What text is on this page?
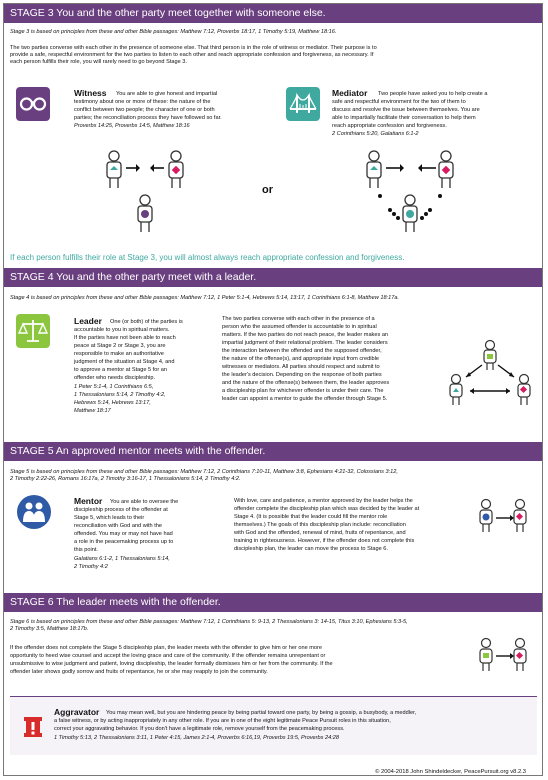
STAGE 3 You and the other party meet together with someone else.
Stage 3 is based on principles from these and other Bible passages: Matthew 7:12, Proverbs 18:17, 1 Timothy 5:19, Matthew 18:16.
The two parties converse with each other in the presence of someone else. That third person is in the role of witness or mediator. Their purpose is to
provide a safe, respectful environment for the two parties to listen to each other and reach appropriate confession and forgiveness, as necessary. If
each person fulfills their role, you will rarely need to go beyond Stage 3.
Witness You are able to give honest and impartial
testimony about one or more of these: the nature of the
conflict between two people; the character of one or both
parties; the reconciliation process they have followed so far.
Proverbs 14:25, Proverbs 14:5, Matthew 18:16
Mediator Two people have asked you to help create a
safe and respectful environment for the two of them to
discuss and resolve the issue between themselves. You are
able to impartially facilitate their conversation to help them
reach appropriate confession and forgiveness.
2 Corinthians 5:20, Galatians 6:1-2
or
If each person fulfills their role at Stage 3, you will almost always reach appropriate confession and forgiveness.
STAGE 4 You and the other party meet with a leader.
Stage 4 is based on principles from these and other Bible passages: Matthew 7:12, 1 Peter 5:1-4, Hebrews 5:14, 13:17, 1 Corinthians 6:1-8, Matthew 18:17a.
Leader One (or both) of the parties is
accountable to you in spiritual matters.
If the parties have not been able to reach
peace at Stage 2 or Stage 3, you are
responsible to make an authoritative
judgment of the situation at Stage 4, and
to approve a mentor at Stage 5 for an
offender who needs discipleship.
1 Peter 5:1-4, 1 Corinthians 6:5,
1 Thessalonians 5:14, 2 Timothy 4:2,
Hebrews 5:14, Hebrews 13:17,
Matthew 18:17
The two parties converse with each other in the presence of a
person who the assumed offender is accountable to in spiritual
matters. If the two parties do not reach peace, the leader makes an
impartial judgment of their relational problem. The leader considers
the interaction between the offended and the supposed offender,
the nature of the offense(s), and appropriate input from credible
witnesses or mediators. All parties should respect and submit to
the leader's decision. Depending on the response of both parties
and the nature of the offense(s) between them, the leader approves
a discipleship plan for whichever offender is under their care. The
leader can appoint a mentor to guide the offender through Stage 5.
STAGE 5 An approved mentor meets with the offender.
Stage 5 is based on principles from these and other Bible passages: Matthew 7:12, 2 Corinthians 7:10-11, Matthew 3:8, Ephesians 4:21-32, Colossians 3:12,
2 Timothy 2:22-26, Romans 16:17a, 2 Timothy 3:16-17, 1 Thessalonians 5:14, 2 Timothy 4:2.
Mentor You are able to oversee the
discipleship process of the offender at
Stage 5, which leads to their
reconciliation with God and with the
offended. You may or may not have had
a role in the peacemaking process up to
this point.
Galatians 6:1-2, 1 Thessalonians 5:14,
2 Timothy 4:2
With love, care and patience, a mentor approved by the leader helps the
offender complete the discipleship plan which was decided by the leader at
Stage 4. (It is possible that the leader could fill the mentor role
themselves.) The goals of this discipleship plan include: reconciliation
with God and the offended, renewal of mind, fruits of repentance, and
training in righteousness. However, if the offender does not complete this
discipleship plan, the leader can move the process to Stage 6.
STAGE 6 The leader meets with the offender.
Stage 6 is based on principles from these and other Bible passages: Matthew 7:12, 1 Corinthians 5: 9-13, 2 Thessalonians 3: 14-15, Titus 3:10, Ephesians 5:3-5,
2 Timothy 3:5, Matthew 18:17b.
If the offender does not complete the Stage 5 discipleship plan, the leader meets with the offender to give him or her one more
opportunity to heed wise counsel and accept the loving grace and care of the community. If the offender remains unrepentant or
unsubmissive to wise judgment and patient, loving discipleship, the leader formally dismisses him or her from the community. If the
offender later shows godly sorrow and fruits of repentance, he or she may reapply to join the community.
Aggravator You may mean well, but you are hindering peace by being partial toward one party, by being a gossip, a busybody, a meddler,
a false witness, or by acting inappropriately in any other role. If you are in one of the eight legitimate Peace Pursuit roles in this situation,
correct your aggravating behavior. If you don't have a legitimate role, remove yourself from the peacemaking process.
1 Timothy 5:13, 2 Thessalonians 3:11, 1 Peter 4:15, James 2:1-4, Proverbs 6:16,19, Proverbs 19:5, Proverbs 24:28
© 2004-2018 John Shindeldecker, PeacePursuit.org v8.2.3
